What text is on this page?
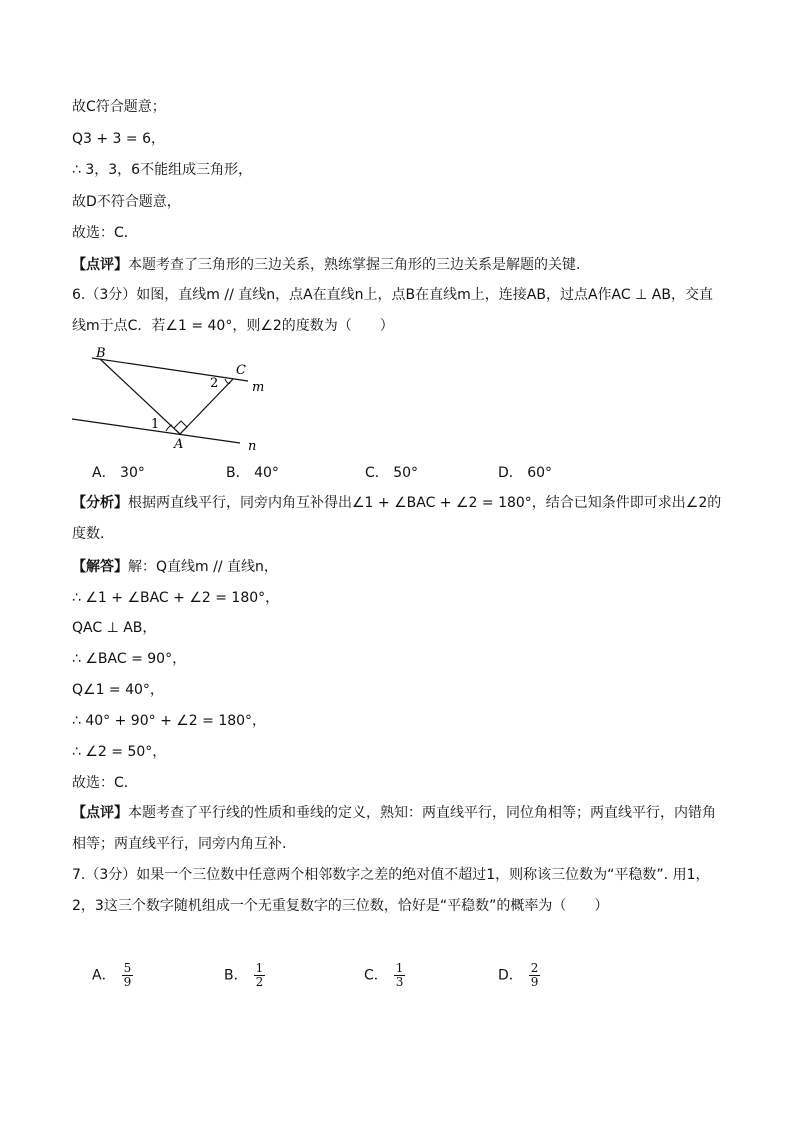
故C符合题意；
Q3 + 3 = 6，
∴ 3，3，6不能组成三角形，
故D不符合题意，
故选：C．
【点评】本题考查了三角形的三边关系，熟练掌握三角形的三边关系是解题的关键.
6.（3分）如图，直线m // 直线n，点A在直线n上，点B在直线m上，连接AB，过点A作AC ⊥ AB，交直线m于点C．若∠1 = 40°，则∠2的度数为（　　）
B
C
A
m
n
1
2
A． 30°	B． 40°	C． 50°	D． 60°
【分析】根据两直线平行，同旁内角互补得出∠1 + ∠BAC + ∠2 = 180°，结合已知条件即可求出∠2的度数.
【解答】解：Q直线m // 直线n，
∴ ∠1 + ∠BAC + ∠2 = 180°，
QAC ⊥ AB，
∴ ∠BAC = 90°，
Q∠1 = 40°，
∴ 40° + 90° + ∠2 = 180°，
∴ ∠2 = 50°，
故选：C．
【点评】本题考查了平行线的性质和垂线的定义，熟知：两直线平行，同位角相等；两直线平行，内错角相等；两直线平行，同旁内角互补.
7.（3分）如果一个三位数中任意两个相邻数字之差的绝对值不超过1，则称该三位数为“平稳数”. 用1，2，3这三个数字随机组成一个无重复数字的三位数，恰好是“平稳数”的概率为（　　）
A． $\frac{5}{9}$	B． $\frac{1}{2}$	C． $\frac{1}{3}$	D． $\frac{2}{9}$
